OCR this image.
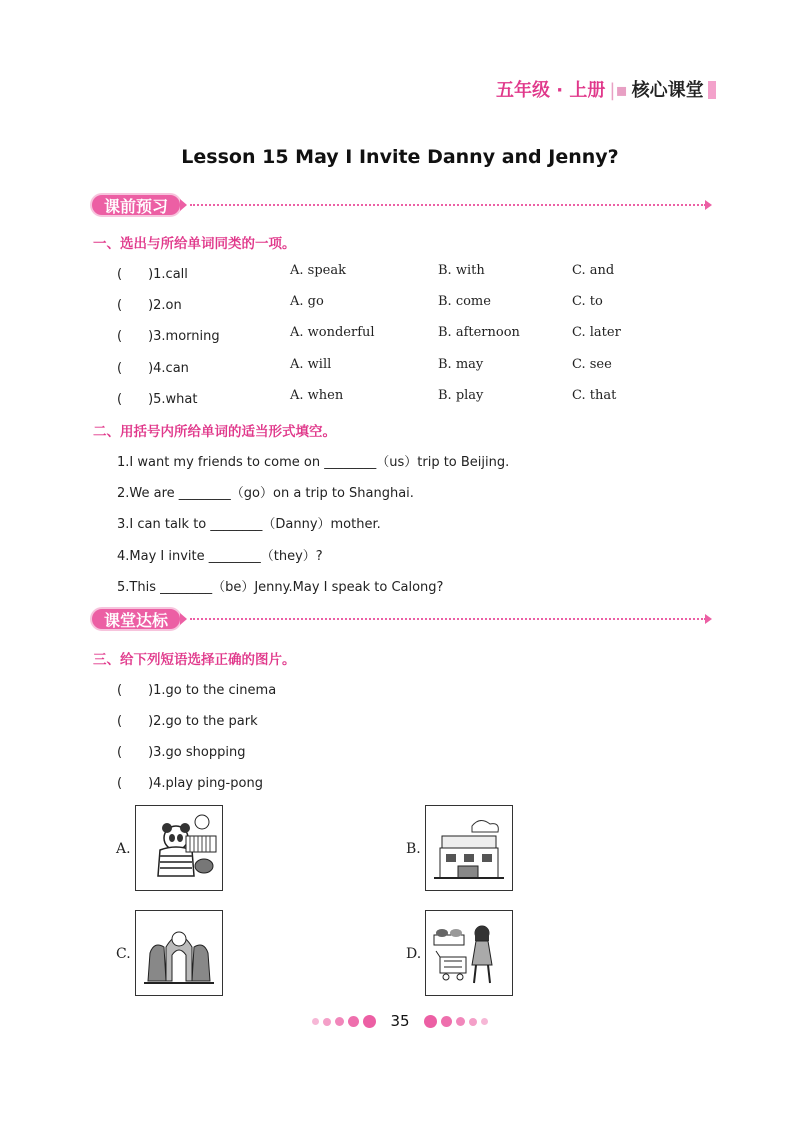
五年级 · 上册 |▪ 核心课堂
Lesson 15 May I Invite Danny and Jenny?
课前预习
一、选出与所给单词同类的一项。
(　　)1.call	A. speak	B. with	C. and
(　　)2.on	A. go	B. come	C. to
(　　)3.morning	A. wonderful	B. afternoon	C. later
(　　)4.can	A. will	B. may	C. see
(　　)5.what	A. when	B. play	C. that
二、用括号内所给单词的适当形式填空。
1.I want my friends to come on ________（us）trip to Beijing.
2.We are ________（go）on a trip to Shanghai.
3.I can talk to ________（Danny）mother.
4.May I invite ________（they）?
5.This ________（be）Jenny.May I speak to Calong?
课堂达标
三、给下列短语选择正确的图片。
(　　)1.go to the cinema
(　　)2.go to the park
(　　)3.go shopping
(　　)4.play ping-pong
A.	B.
C.	D.
35
